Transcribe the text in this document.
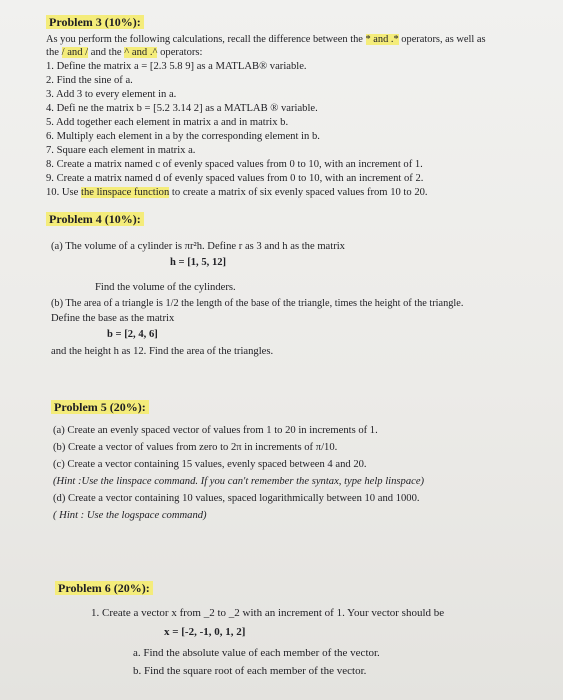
Problem 3 (10%):
As you perform the following calculations, recall the difference between the * and .* operators, as well as
the / and / and the ^ and .^ operators:
1. Define the matrix a = [2.3 5.8 9] as a MATLAB® variable.
2. Find the sine of a.
3. Add 3 to every element in a.
4. Defi ne the matrix b = [5.2 3.14 2] as a MATLAB ® variable.
5. Add together each element in matrix a and in matrix b.
6. Multiply each element in a by the corresponding element in b.
7. Square each element in matrix a.
8. Create a matrix named c of evenly spaced values from 0 to 10, with an increment of 1.
9. Create a matrix named d of evenly spaced values from 0 to 10, with an increment of 2.
10. Use the linspace function to create a matrix of six evenly spaced values from 10 to 20.
Problem 4 (10%):
(a) The volume of a cylinder is πr²h. Define r as 3 and h as the matrix
h = [1, 5, 12]
Find the volume of the cylinders.
(b) The area of a triangle is 1/2 the length of the base of the triangle, times the height of the triangle.
Define the base as the matrix
b = [2, 4, 6]
and the height h as 12. Find the area of the triangles.
Problem 5 (20%):
(a) Create an evenly spaced vector of values from 1 to 20 in increments of 1.
(b) Create a vector of values from zero to 2π in increments of π/10.
(c) Create a vector containing 15 values, evenly spaced between 4 and 20.
(Hint :Use the linspace command. If you can't remember the syntax, type help linspace)
(d) Create a vector containing 10 values, spaced logarithmically between 10 and 1000.
( Hint : Use the logspace command)
Problem 6 (20%):
1. Create a vector x from _2 to _2 with an increment of 1. Your vector should be
x = [-2, -1, 0, 1, 2]
a. Find the absolute value of each member of the vector.
b. Find the square root of each member of the vector.
